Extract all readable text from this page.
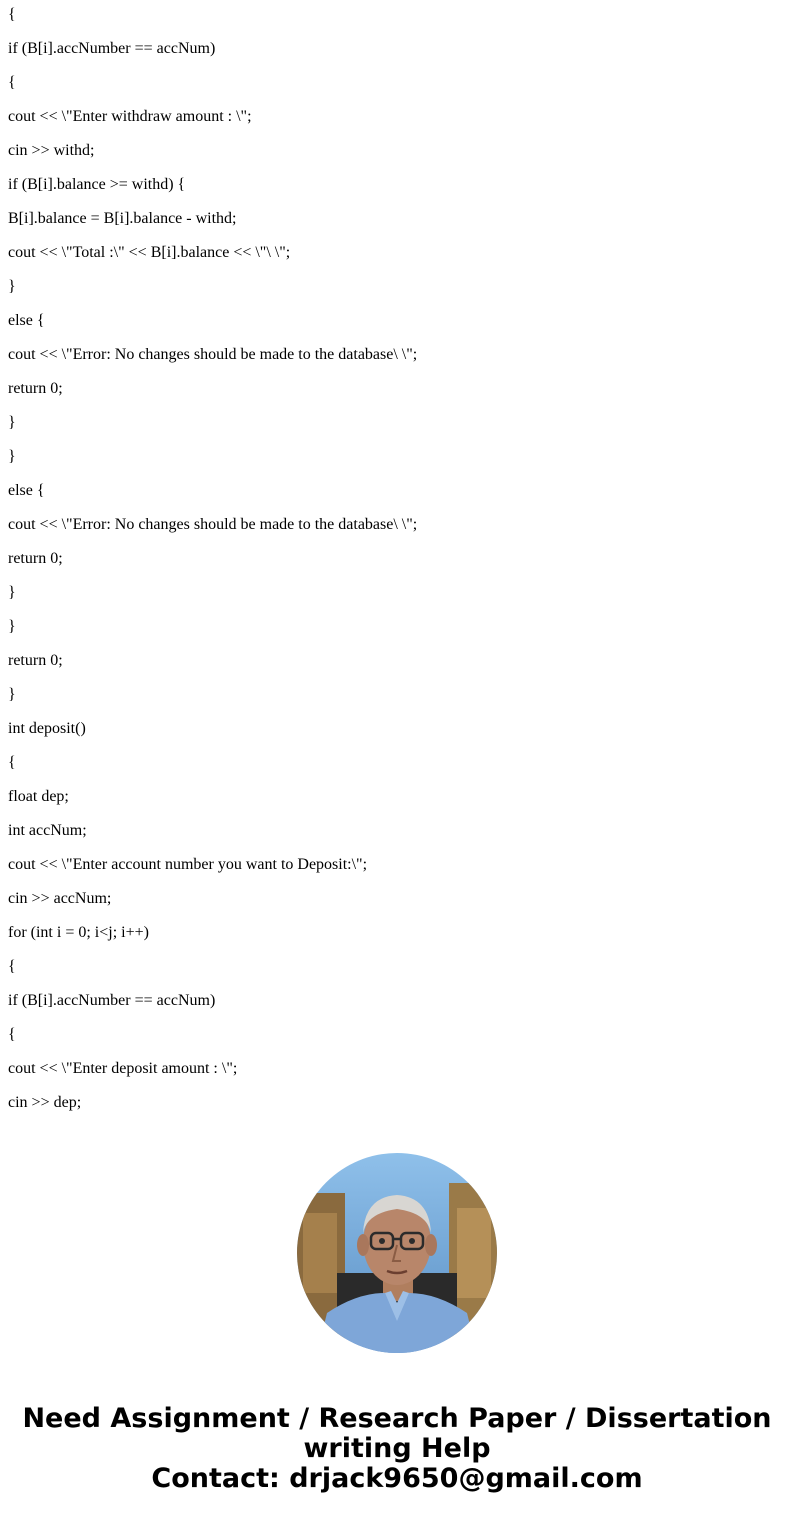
{
if (B[i].accNumber == accNum)
{
cout << \"Enter withdraw amount : \";
cin >> withd;
if (B[i].balance >= withd) {
B[i].balance = B[i].balance - withd;
cout << \"Total :\" << B[i].balance << \"\ \";
}
else {
cout << \"Error: No changes should be made to the database\ \";
return 0;
}
}
else {
cout << \"Error: No changes should be made to the database\ \";
return 0;
}
}
return 0;
}
int deposit()
{
float dep;
int accNum;
cout << \"Enter account number you want to Deposit:\";
cin >> accNum;
for (int i = 0; i<j; i++)
{
if (B[i].accNumber == accNum)
{
cout << \"Enter deposit amount : \";
cin >> dep;
Need Assignment / Research Paper / Dissertation
writing Help
Contact: drjack9650@gmail.com
